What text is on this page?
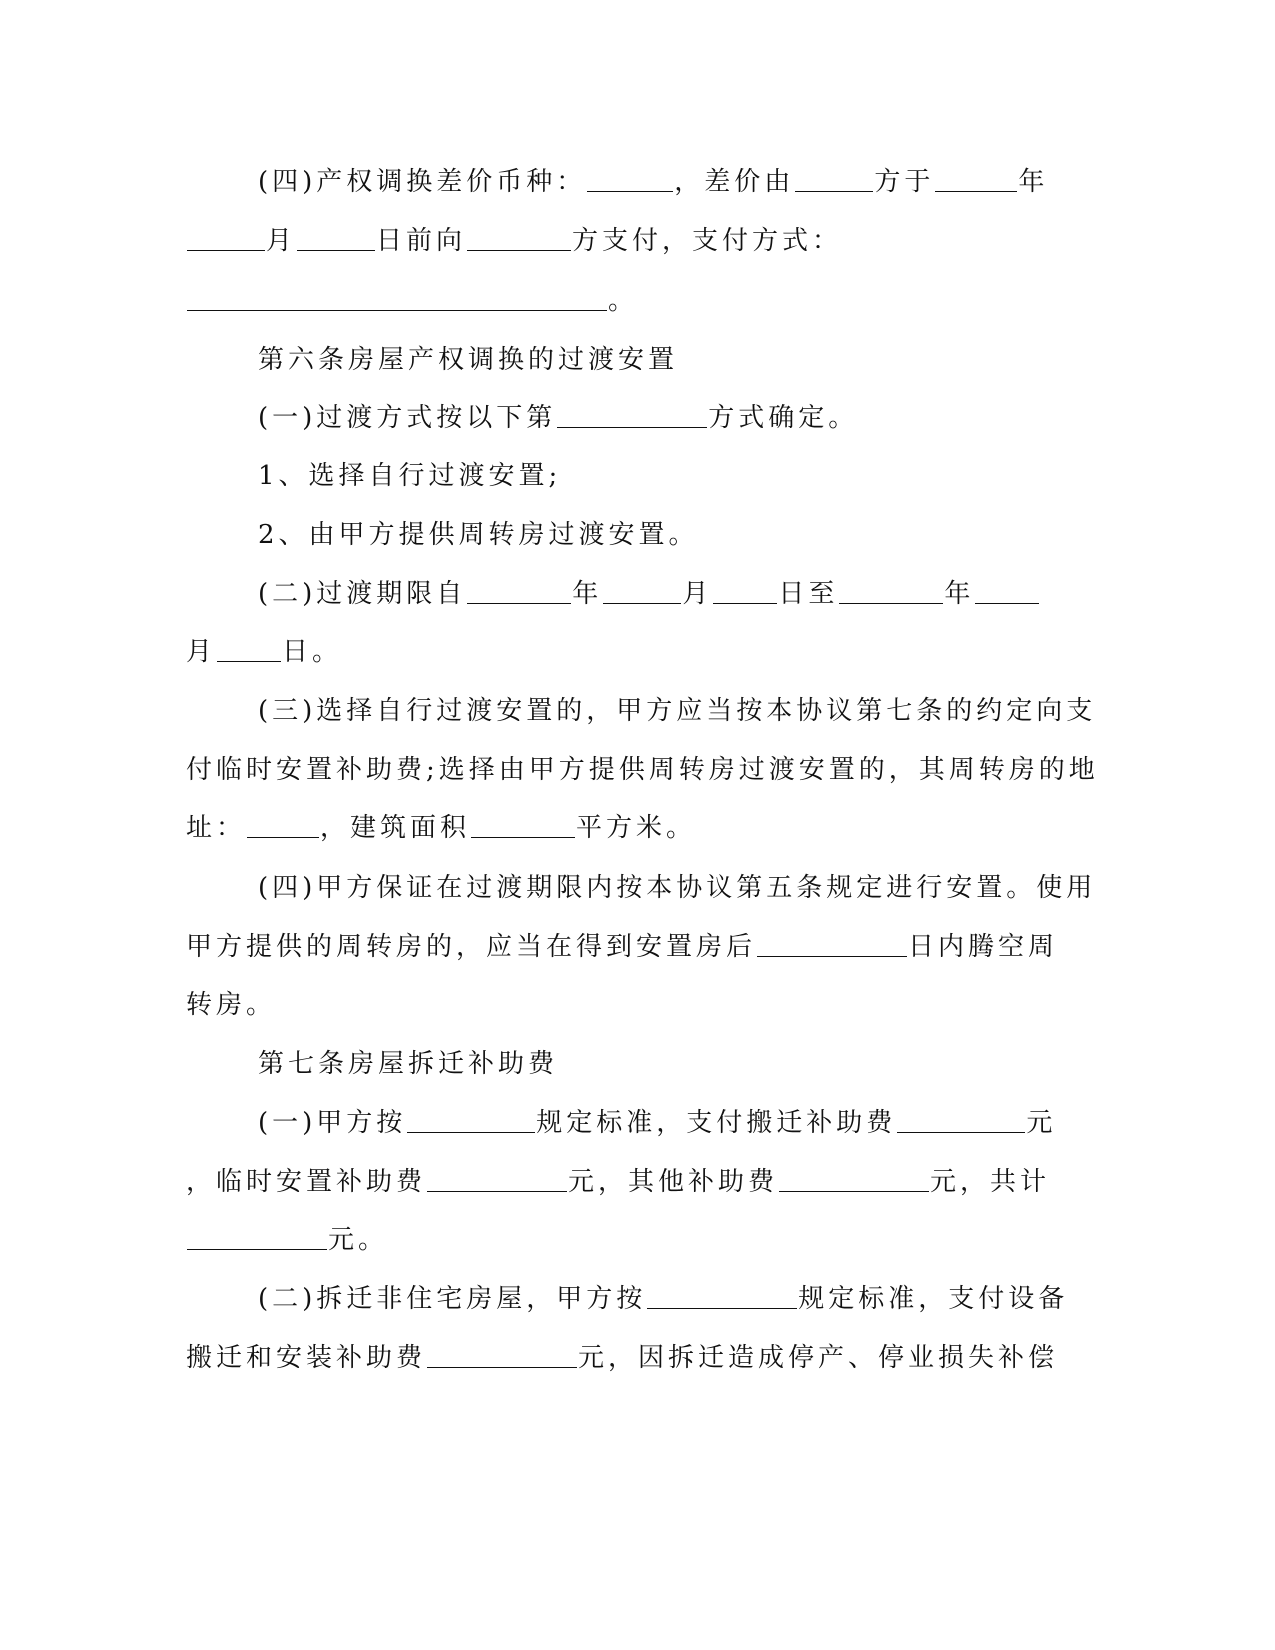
(四)产权调换差价币种：	，差价由	方于	年
月	日前向	方支付，支付方式：
。
第六条房屋产权调换的过渡安置
(一)过渡方式按以下第	方式确定。
1、选择自行过渡安置;
2、由甲方提供周转房过渡安置。
(二)过渡期限自	年	月	日至	年
月	日。
(三)选择自行过渡安置的，甲方应当按本协议第七条的约定向支
付临时安置补助费;选择由甲方提供周转房过渡安置的，其周转房的地
址：	，建筑面积	平方米。
(四)甲方保证在过渡期限内按本协议第五条规定进行安置。使用
甲方提供的周转房的，应当在得到安置房后	日内腾空周
转房。
第七条房屋拆迁补助费
(一)甲方按	规定标准，支付搬迁补助费	元
，临时安置补助费	元，其他补助费	元，共计
元。
(二)拆迁非住宅房屋，甲方按	规定标准，支付设备
搬迁和安装补助费	元，因拆迁造成停产、停业损失补偿
